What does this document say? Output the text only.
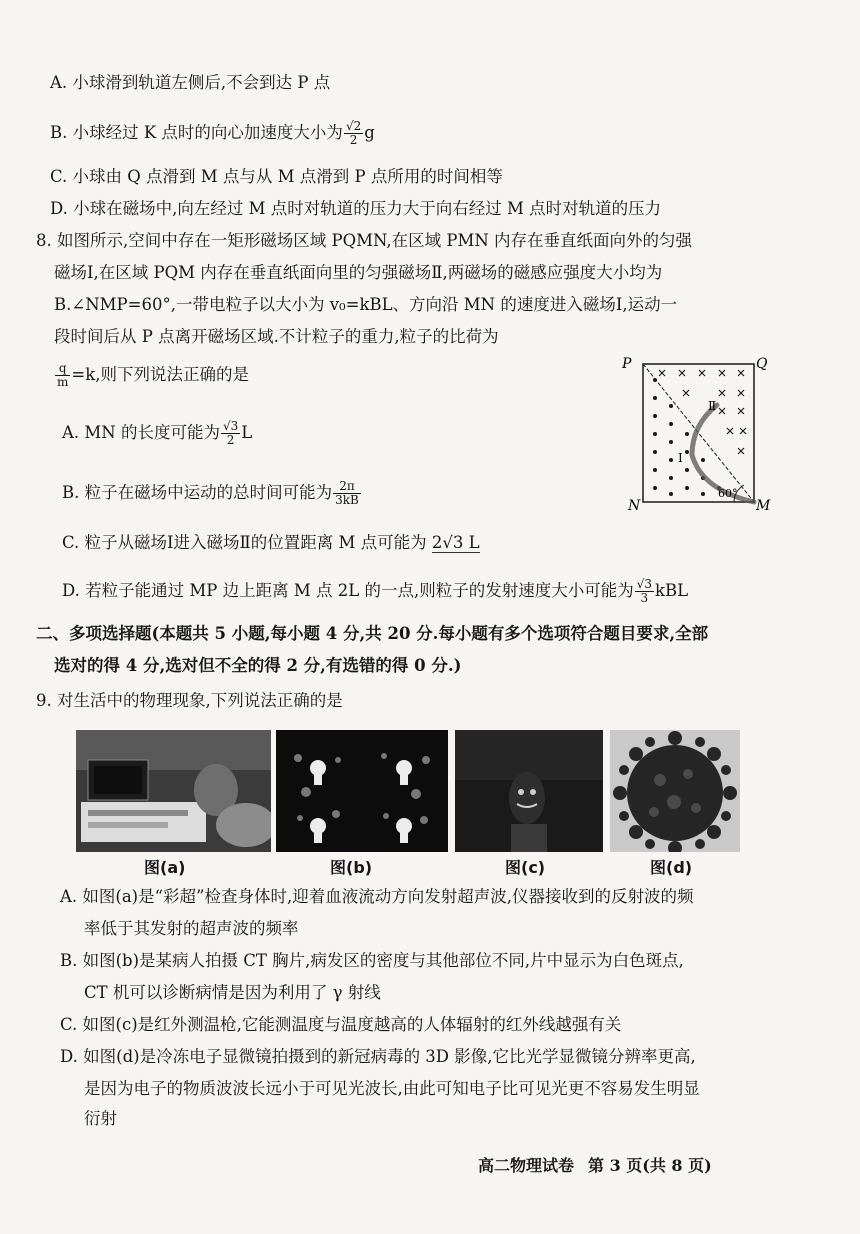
A. 小球滑到轨道左侧后,不会到达 P 点
B. 小球经过 K 点时的向心加速度大小为 $\frac{√2}{2}$ g
C. 小球由 Q 点滑到 M 点与从 M 点滑到 P 点所用的时间相等
D. 小球在磁场中,向左经过 M 点时对轨道的压力大于向右经过 M 点时对轨道的压力
8. 如图所示,空间中存在一矩形磁场区域 PQMN,在区域 PMN 内存在垂直纸面向外的匀强
磁场Ⅰ,在区域 PQM 内存在垂直纸面向里的匀强磁场Ⅱ,两磁场的磁感应强度大小均为
B.∠NMP=60°,一带电粒子以大小为 v₀=kBL、方向沿 MN 的速度进入磁场Ⅰ,运动一
段时间后从 P 点离开磁场区域.不计粒子的重力,粒子的比荷为
$\frac{q}{m} =k$,则下列说法正确的是
A. MN 的长度可能为 $\frac{√3}{2}$ L
B. 粒子在磁场中运动的总时间可能为 $\frac{2\pi}{3kB}$
C. 粒子从磁场Ⅰ进入磁场Ⅱ的位置距离 M 点可能为 2√3 L
D. 若粒子能通过 MP 边上距离 M 点 2L 的一点,则粒子的发射速度大小可能为 $\frac{√3}{3}$ kBL
P	Q
N	M
Ⅱ
Ⅰ
60°
二、多项选择题(本题共 5 小题,每小题 4 分,共 20 分.每小题有多个选项符合题目要求,全部
选对的得 4 分,选对但不全的得 2 分,有选错的得 0 分.)
9. 对生活中的物理现象,下列说法正确的是
图(a)	图(b)	图(c)	图(d)
A. 如图(a)是“彩超”检查身体时,迎着血液流动方向发射超声波,仪器接收到的反射波的频
率低于其发射的超声波的频率
B. 如图(b)是某病人拍摄 CT 胸片,病发区的密度与其他部位不同,片中显示为白色斑点,
CT 机可以诊断病情是因为利用了 γ 射线
C. 如图(c)是红外测温枪,它能测温度与温度越高的人体辐射的红外线越强有关
D. 如图(d)是冷冻电子显微镜拍摄到的新冠病毒的 3D 影像,它比光学显微镜分辨率更高,
是因为电子的物质波波长远小于可见光波长,由此可知电子比可见光更不容易发生明显
衍射
高二物理试卷 第 3 页(共 8 页)
